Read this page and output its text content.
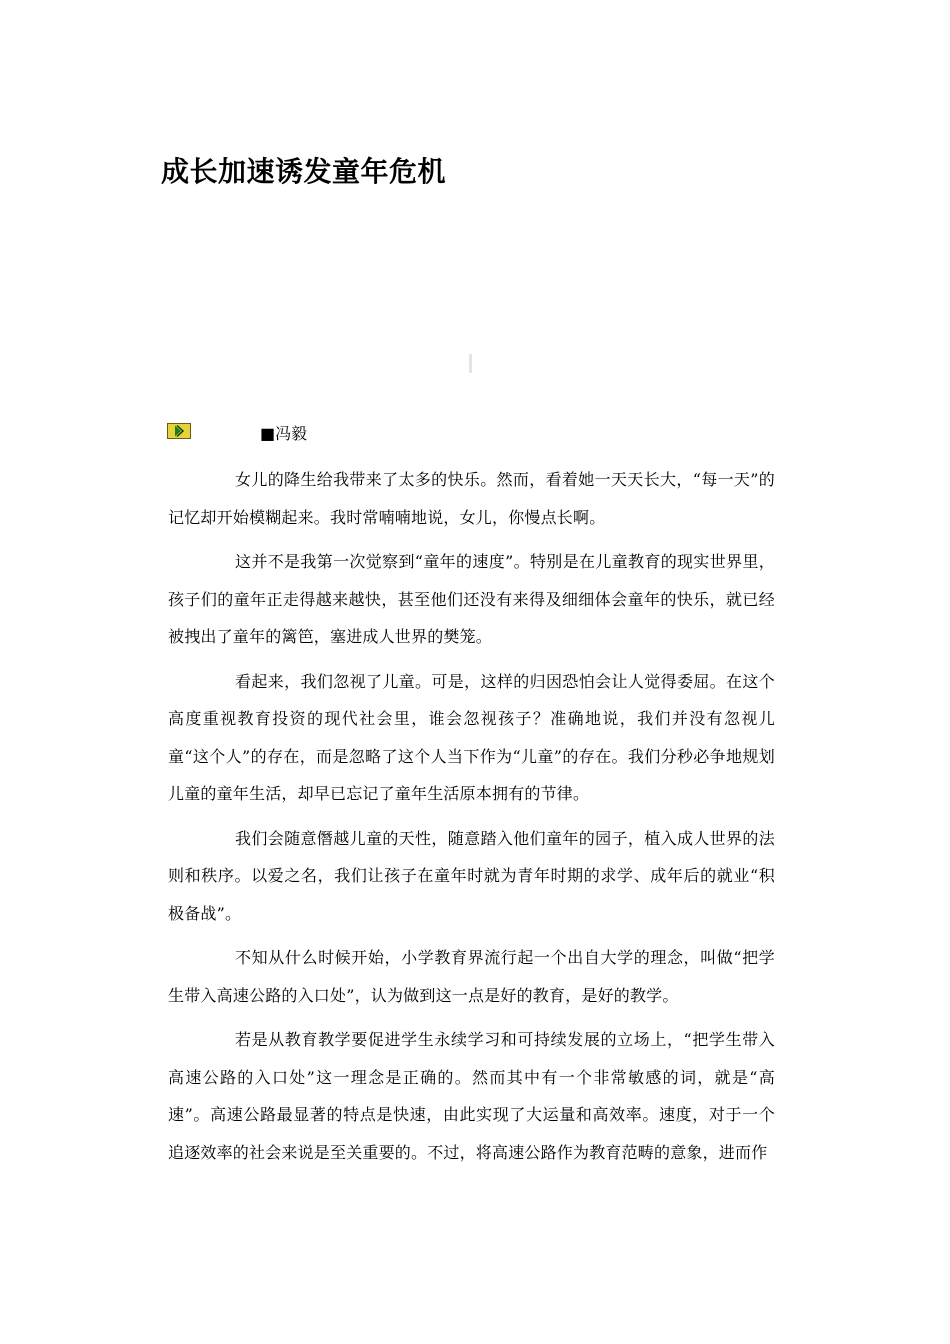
成长加速诱发童年危机
■冯毅

女儿的降生给我带来了太多的快乐。然而，看着她一天天长大，“每一天”的记忆却开始模糊起来。我时常喃喃地说，女儿，你慢点长啊。

这并不是我第一次觉察到“童年的速度”。特别是在儿童教育的现实世界里，孩子们的童年正走得越来越快，甚至他们还没有来得及细细体会童年的快乐，就已经被拽出了童年的篱笆，塞进成人世界的樊笼。

看起来，我们忽视了儿童。可是，这样的归因恐怕会让人觉得委屈。在这个高度重视教育投资的现代社会里，谁会忽视孩子？准确地说，我们并没有忽视儿童“这个人”的存在，而是忽略了这个人当下作为“儿童”的存在。我们分秒必争地规划儿童的童年生活，却早已忘记了童年生活原本拥有的节律。

我们会随意僭越儿童的天性，随意踏入他们童年的园子，植入成人世界的法则和秩序。以爱之名，我们让孩子在童年时就为青年时期的求学、成年后的就业“积极备战”。

不知从什么时候开始，小学教育界流行起一个出自大学的理念，叫做“把学生带入高速公路的入口处”，认为做到这一点是好的教育，是好的教学。

若是从教育教学要促进学生永续学习和可持续发展的立场上，“把学生带入高速公路的入口处”这一理念是正确的。然而其中有一个非常敏感的词，就是“高速”。高速公路最显著的特点是快速，由此实现了大运量和高效率。速度，对于一个追逐效率的社会来说是至关重要的。不过，将高速公路作为教育范畴的意象，进而作
